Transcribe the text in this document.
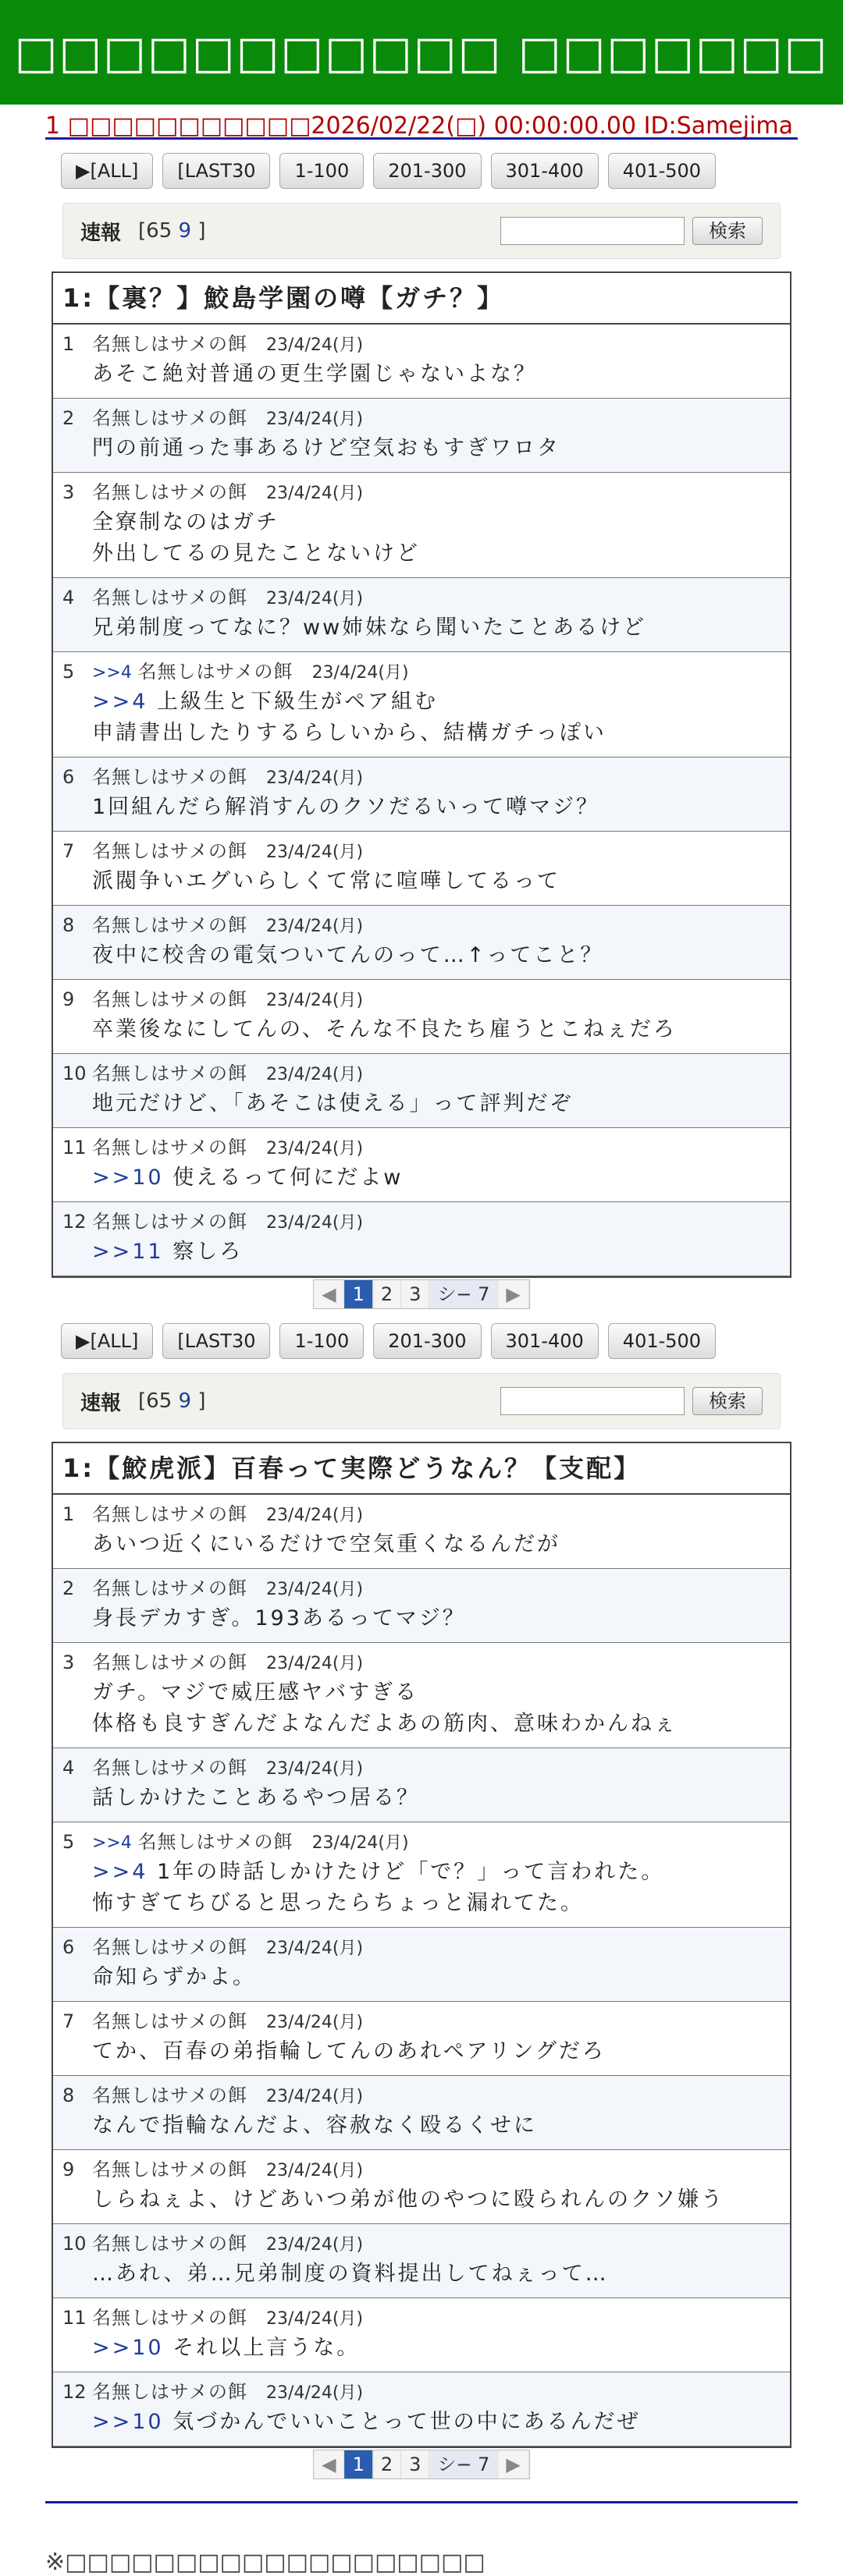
□□□□□□□□□□□ □□□□□□□
1 □□□□□□□□□□□2026/02/22(□) 00:00:00.00 ID:Samejima
▶[ALL]	[LAST30	1-100	201-300	301-400	401-500
速報 [65 9 ]	検索
1:【裏？】鮫島学園の噂【ガチ？】
1 名無しはサメの餌 23/4/24(月)
あそこ絶対普通の更生学園じゃないよな？
2 名無しはサメの餌 23/4/24(月)
門の前通った事あるけど空気おもすぎワロタ
3 名無しはサメの餌 23/4/24(月)
全寮制なのはガチ
外出してるの見たことないけど
4 名無しはサメの餌 23/4/24(月)
兄弟制度ってなに？ww姉妹なら聞いたことあるけど
5 >>4 名無しはサメの餌 23/4/24(月)
>>4 上級生と下級生がペア組む
申請書出したりするらしいから、結構ガチっぽい
6 名無しはサメの餌 23/4/24(月)
1回組んだら解消すんのクソだるいって噂マジ？
7 名無しはサメの餌 23/4/24(月)
派閥争いエグいらしくて常に喧嘩してるって
8 名無しはサメの餌 23/4/24(月)
夜中に校舎の電気ついてんのって…↑ってこと？
9 名無しはサメの餌 23/4/24(月)
卒業後なにしてんの、そんな不良たち雇うとこねぇだろ
10 名無しはサメの餌 23/4/24(月)
地元だけど、「あそこは使える」って評判だぞ
11 名無しはサメの餌 23/4/24(月)
>>10 使えるって何にだよw
12 名無しはサメの餌 23/4/24(月)
>>11 察しろ
◀ 1 2 3 シ− 7 ▶
▶[ALL]	[LAST30	1-100	201-300	301-400	401-500
速報 [65 9 ]	検索
1:【鮫虎派】百春って実際どうなん？【支配】
1 名無しはサメの餌 23/4/24(月)
あいつ近くにいるだけで空気重くなるんだが
2 名無しはサメの餌 23/4/24(月)
身長デカすぎ。193あるってマジ？
3 名無しはサメの餌 23/4/24(月)
ガチ。マジで威圧感ヤバすぎる
体格も良すぎんだよなんだよあの筋肉、意味わかんねぇ
4 名無しはサメの餌 23/4/24(月)
話しかけたことあるやつ居る？
5 >>4 名無しはサメの餌 23/4/24(月)
>>4 1年の時話しかけたけど「で？」って言われた。
怖すぎてちびると思ったらちょっと漏れてた。
6 名無しはサメの餌 23/4/24(月)
命知らずかよ。
7 名無しはサメの餌 23/4/24(月)
てか、百春の弟指輪してんのあれペアリングだろ
8 名無しはサメの餌 23/4/24(月)
なんで指輪なんだよ、容赦なく殴るくせに
9 名無しはサメの餌 23/4/24(月)
しらねぇよ、けどあいつ弟が他のやつに殴られんのクソ嫌う
10 名無しはサメの餌 23/4/24(月)
…あれ、弟…兄弟制度の資料提出してねぇって…
11 名無しはサメの餌 23/4/24(月)
>>10 それ以上言うな。
12 名無しはサメの餌 23/4/24(月)
>>10 気づかんでいいことって世の中にあるんだぜ
◀ 1 2 3 シ− 7 ▶
※□□□□□□□□□□□□□□□□□□□
